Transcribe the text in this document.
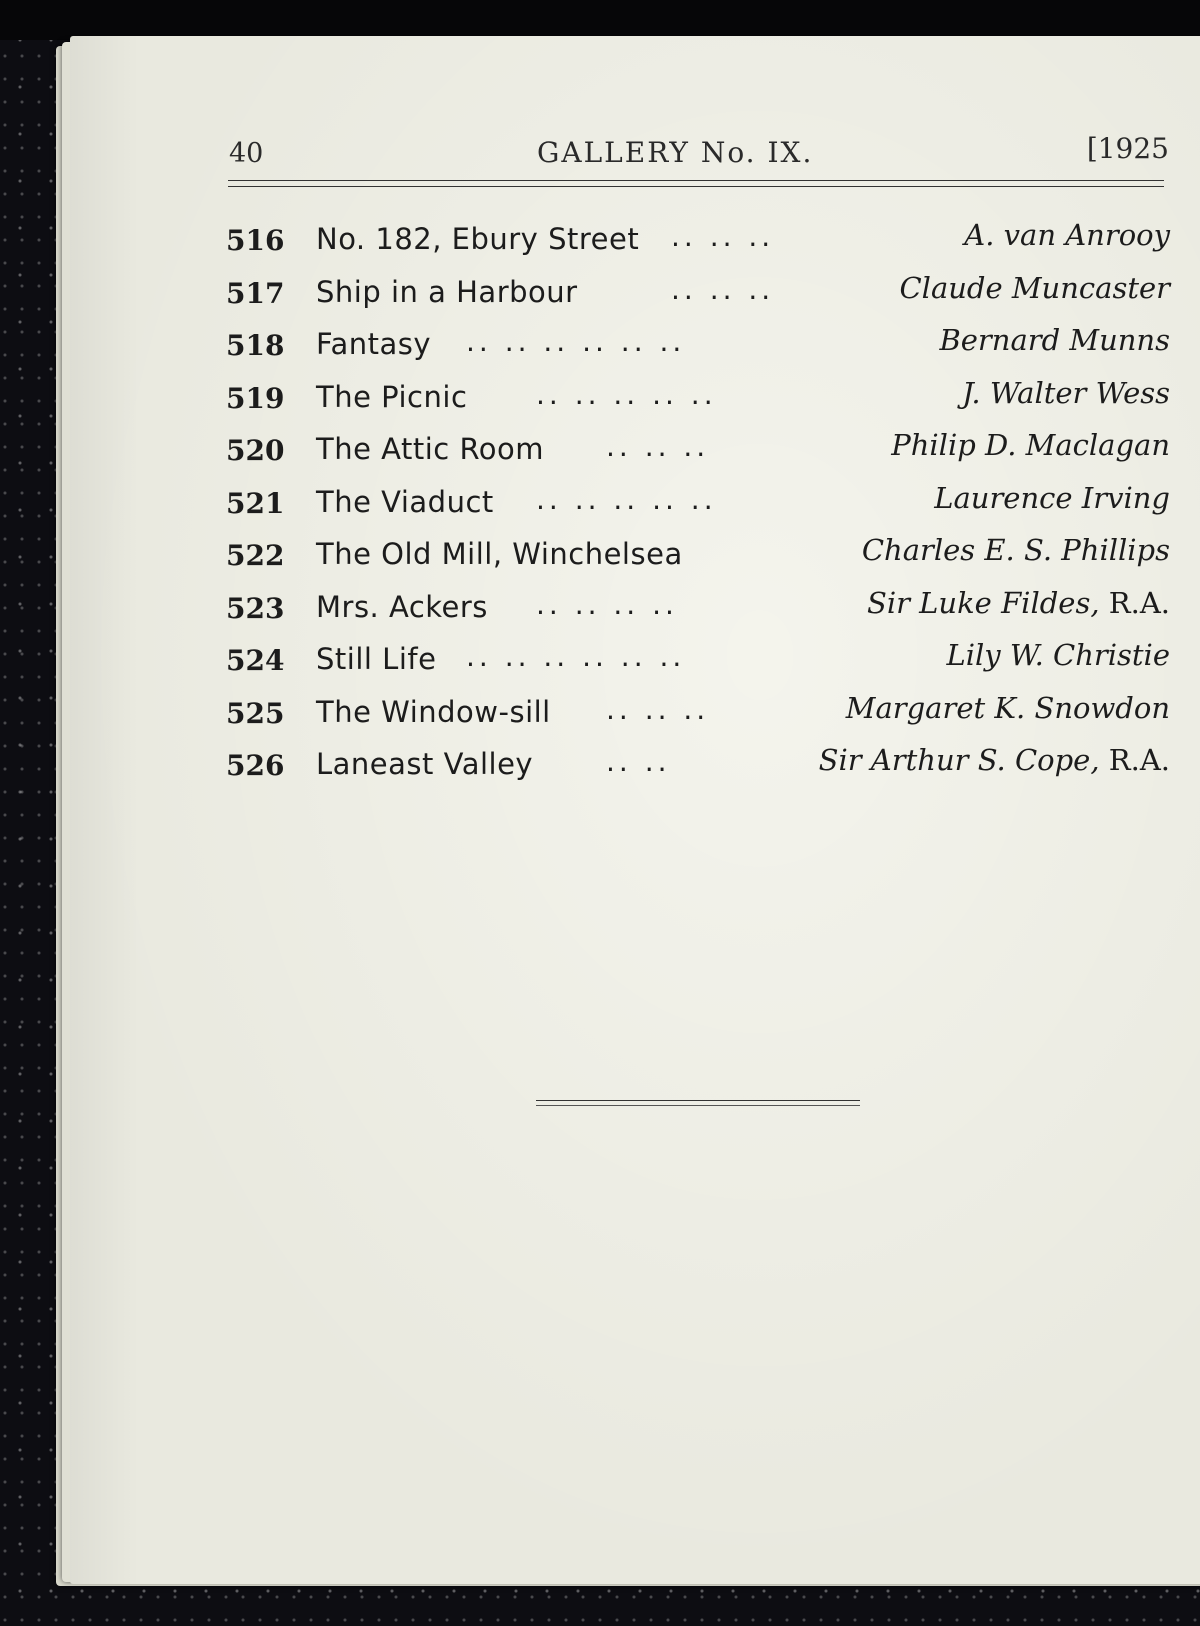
40	GALLERY No. IX.	[1925
516 No. 182, Ebury Street .. .. ..	A. van Anrooy
517 Ship in a Harbour	.. .. ..	Claude Muncaster
518 Fantasy .. .. .. .. .. ..	Bernard Munns
519 The Picnic .. .. .. .. ..	J. Walter Wess
520 The Attic Room .. .. ..	Philip D. Maclagan
521 The Viaduct .. .. .. .. ..	Laurence Irving
522 The Old Mill, Winchelsea	Charles E. S. Phillips
523 Mrs. Ackers .. .. .. ..	Sir Luke Fildes, R.A.
524 Still Life .. .. .. .. .. ..	Lily W. Christie
525 The Window-sill .. .. ..	Margaret K. Snowdon
526 Laneast Valley	.. ..	Sir Arthur S. Cope, R.A.
